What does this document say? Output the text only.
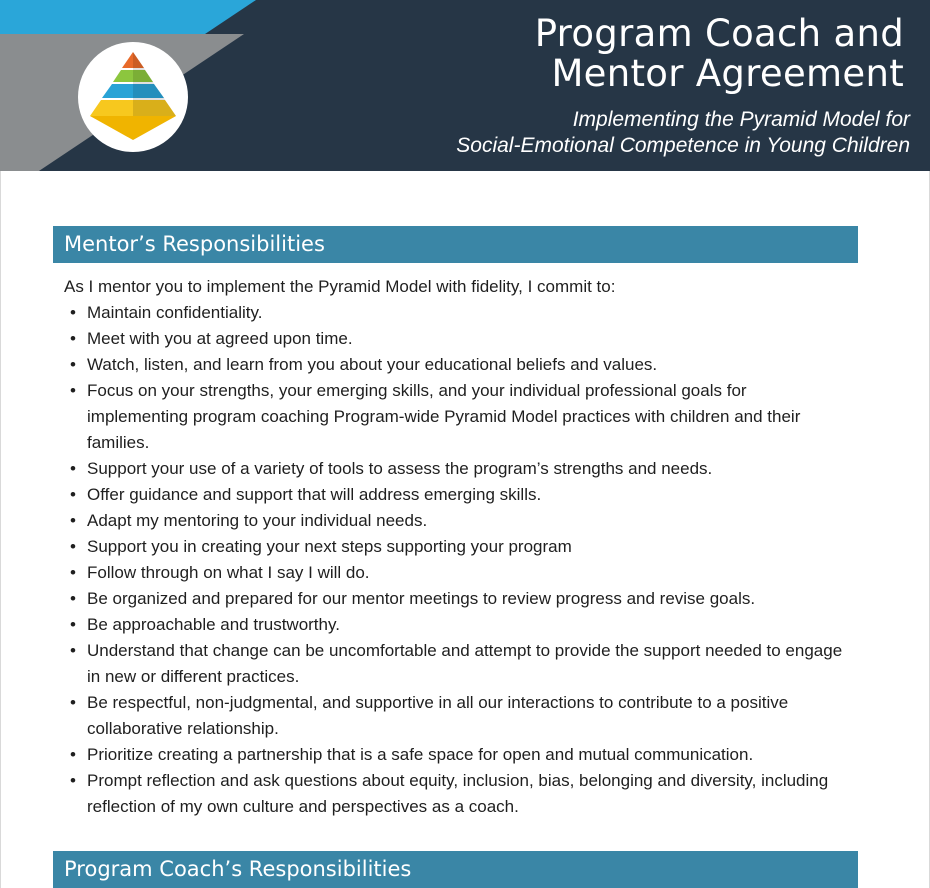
Program Coach and
Mentor Agreement
Implementing the Pyramid Model for
Social-Emotional Competence in Young Children
Mentor’s Responsibilities
As I mentor you to implement the Pyramid Model with fidelity, I commit to:
• Maintain confidentiality.
• Meet with you at agreed upon time.
• Watch, listen, and learn from you about your educational beliefs and values.
• Focus on your strengths, your emerging skills, and your individual professional goals for implementing program coaching Program-wide Pyramid Model practices with children and their families.
• Support your use of a variety of tools to assess the program’s strengths and needs.
• Offer guidance and support that will address emerging skills.
• Adapt my mentoring to your individual needs.
• Support you in creating your next steps supporting your program
• Follow through on what I say I will do.
• Be organized and prepared for our mentor meetings to review progress and revise goals.
• Be approachable and trustworthy.
• Understand that change can be uncomfortable and attempt to provide the support needed to engage in new or different practices.
• Be respectful, non-judgmental, and supportive in all our interactions to contribute to a positive collaborative relationship.
• Prioritize creating a partnership that is a safe space for open and mutual communication.
• Prompt reflection and ask questions about equity, inclusion, bias, belonging and diversity, including reflection of my own culture and perspectives as a coach.
Program Coach’s Responsibilities
